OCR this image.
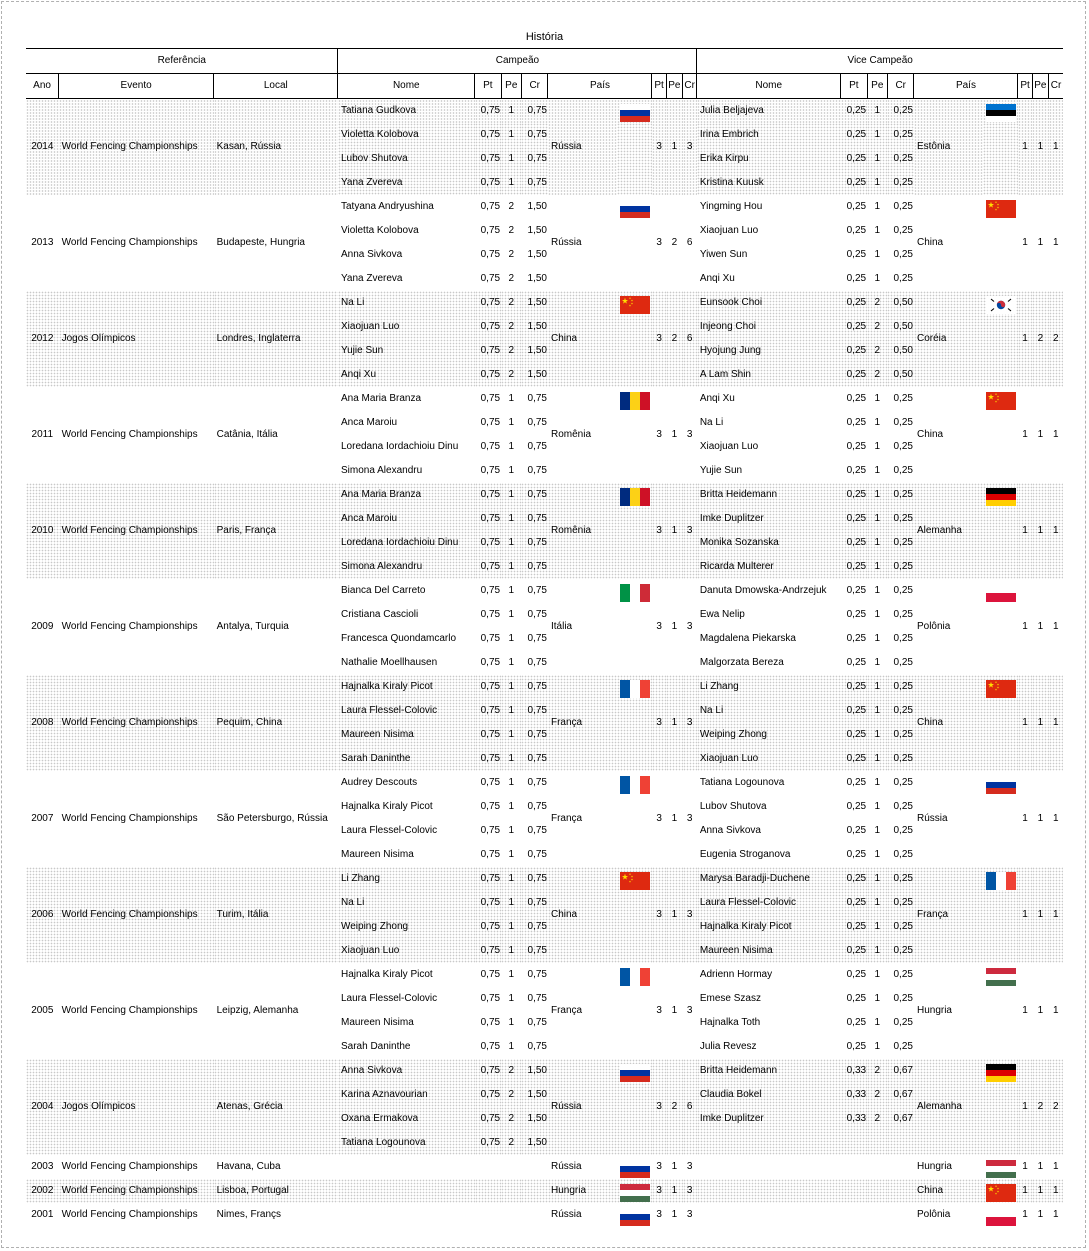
História
Referência			Campeão									Vice Campeão								
Ano	Evento	Local	Nome	Pt	Pe	Cr	País		Pt	Pe	Cr	Nome	Pt	Pe	Cr	País		Pt	Pe	Cr
2014	World Fencing Championships	Kasan, Rússia	Tatiana Gudkova	0,75	1	0,75	Rússia		3	1	3	Julia Beljajeva	0,25	1	0,25	Estônia		1	1	1
			Violetta Kolobova	0,75	1	0,75						Irina Embrich	0,25	1	0,25					
			Lubov Shutova	0,75	1	0,75						Erika Kirpu	0,25	1	0,25					
			Yana Zvereva	0,75	1	0,75						Kristina Kuusk	0,25	1	0,25					
2013	World Fencing Championships	Budapeste, Hungria	Tatyana Andryushina	0,75	2	1,50	Rússia		3	2	6	Yingming Hou	0,25	1	0,25	China		1	1	1
			Violetta Kolobova	0,75	2	1,50						Xiaojuan Luo	0,25	1	0,25					
			Anna Sivkova	0,75	2	1,50						Yiwen Sun	0,25	1	0,25					
			Yana Zvereva	0,75	2	1,50						Anqi Xu	0,25	1	0,25					
2012	Jogos Olímpicos	Londres, Inglaterra	Na Li	0,75	2	1,50	China		3	2	6	Eunsook Choi	0,25	2	0,50	Coréia		1	2	2
			Xiaojuan Luo	0,75	2	1,50						Injeong Choi	0,25	2	0,50					
			Yujie Sun	0,75	2	1,50						Hyojung Jung	0,25	2	0,50					
			Anqi Xu	0,75	2	1,50						A Lam Shin	0,25	2	0,50					
2011	World Fencing Championships	Catânia, Itália	Ana Maria Branza	0,75	1	0,75	Romênia		3	1	3	Anqi Xu	0,25	1	0,25	China		1	1	1
			Anca Maroiu	0,75	1	0,75						Na Li	0,25	1	0,25					
			Loredana Iordachioiu Dinu	0,75	1	0,75						Xiaojuan Luo	0,25	1	0,25					
			Simona Alexandru	0,75	1	0,75						Yujie Sun	0,25	1	0,25					
2010	World Fencing Championships	Paris, França	Ana Maria Branza	0,75	1	0,75	Romênia		3	1	3	Britta Heidemann	0,25	1	0,25	Alemanha		1	1	1
			Anca Maroiu	0,75	1	0,75						Imke Duplitzer	0,25	1	0,25					
			Loredana Iordachioiu Dinu	0,75	1	0,75						Monika Sozanska	0,25	1	0,25					
			Simona Alexandru	0,75	1	0,75						Ricarda Multerer	0,25	1	0,25					
2009	World Fencing Championships	Antalya, Turquia	Bianca Del Carreto	0,75	1	0,75	Itália		3	1	3	Danuta Dmowska-Andrzejuk	0,25	1	0,25	Polônia		1	1	1
			Cristiana Cascioli	0,75	1	0,75						Ewa Nelip	0,25	1	0,25					
			Francesca Quondamcarlo	0,75	1	0,75						Magdalena Piekarska	0,25	1	0,25					
			Nathalie Moellhausen	0,75	1	0,75						Malgorzata Bereza	0,25	1	0,25					
2008	World Fencing Championships	Pequim, China	Hajnalka Kiraly Picot	0,75	1	0,75	França		3	1	3	Li Zhang	0,25	1	0,25	China		1	1	1
			Laura Flessel-Colovic	0,75	1	0,75						Na Li	0,25	1	0,25					
			Maureen Nisima	0,75	1	0,75						Weiping Zhong	0,25	1	0,25					
			Sarah Daninthe	0,75	1	0,75						Xiaojuan Luo	0,25	1	0,25					
2007	World Fencing Championships	São Petersburgo, Rússia	Audrey Descouts	0,75	1	0,75	França		3	1	3	Tatiana Logounova	0,25	1	0,25	Rússia		1	1	1
			Hajnalka Kiraly Picot	0,75	1	0,75						Lubov Shutova	0,25	1	0,25					
			Laura Flessel-Colovic	0,75	1	0,75						Anna Sivkova	0,25	1	0,25					
			Maureen Nisima	0,75	1	0,75						Eugenia Stroganova	0,25	1	0,25					
2006	World Fencing Championships	Turim, Itália	Li Zhang	0,75	1	0,75	China		3	1	3	Marysa Baradji-Duchene	0,25	1	0,25	França		1	1	1
			Na Li	0,75	1	0,75						Laura Flessel-Colovic	0,25	1	0,25					
			Weiping Zhong	0,75	1	0,75						Hajnalka Kiraly Picot	0,25	1	0,25					
			Xiaojuan Luo	0,75	1	0,75						Maureen Nisima	0,25	1	0,25					
2005	World Fencing Championships	Leipzig, Alemanha	Hajnalka Kiraly Picot	0,75	1	0,75	França		3	1	3	Adrienn Hormay	0,25	1	0,25	Hungria		1	1	1
			Laura Flessel-Colovic	0,75	1	0,75						Emese Szasz	0,25	1	0,25					
			Maureen Nisima	0,75	1	0,75						Hajnalka Toth	0,25	1	0,25					
			Sarah Daninthe	0,75	1	0,75						Julia Revesz	0,25	1	0,25					
2004	Jogos Olímpicos	Atenas, Grécia	Anna Sivkova	0,75	2	1,50	Rússia		3	2	6	Britta Heidemann	0,33	2	0,67	Alemanha		1	2	2
			Karina Aznavourian	0,75	2	1,50						Claudia Bokel	0,33	2	0,67					
			Oxana Ermakova	0,75	2	1,50						Imke Duplitzer	0,33	2	0,67					
			Tatiana Logounova	0,75	2	1,50														
2003	World Fencing Championships	Havana, Cuba					Rússia		3	1	3					Hungria		1	1	1
2002	World Fencing Championships	Lisboa, Portugal					Hungria		3	1	3					China		1	1	1
2001	World Fencing Championships	Nimes, Françs					Rússia		3	1	3					Polônia		1	1	1
